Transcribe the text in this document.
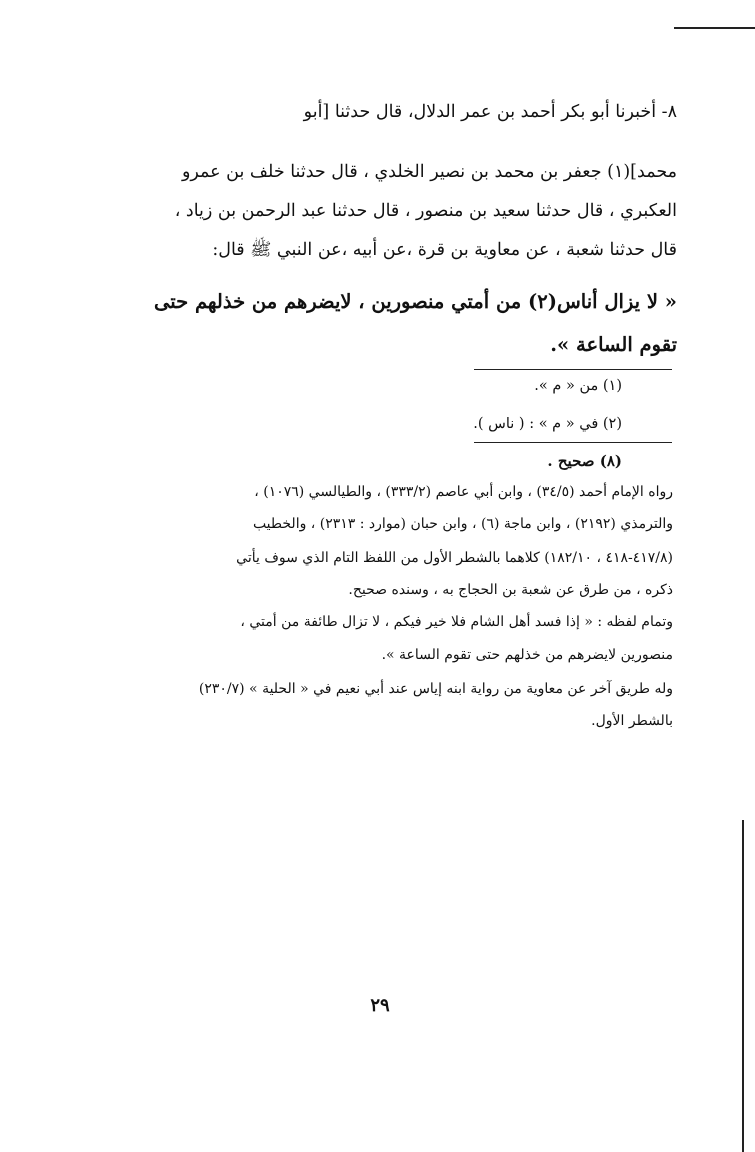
٨- أخبرنا أبو بكر أحمد بن عمر الدلال، قال حدثنا [أبو
محمد](١) جعفر بن محمد بن نصير الخلدي ، قال حدثنا خلف بن عمرو
العكبري ، قال حدثنا سعيد بن منصور ، قال حدثنا عبد الرحمن بن زياد ،
قال حدثنا شعبة ، عن معاوية بن قرة ،عن أبيه ،عن النبي ﷺ قال:
« لا يزال أناس(٢) من أمتي منصورين ، لايضرهم من خذلهم حتى
تقوم الساعة ».
(١) من « م ».
(٢) في « م » : ( ناس ).
(٨) صحيح .
رواه الإمام أحمد (٣٤/٥) ، وابن أبي عاصم (٣٣٣/٢) ، والطيالسي (١٠٧٦) ،
والترمذي (٢١٩٢) ، وابن ماجة (٦) ، وابن حبان (موارد : ٢٣١٣) ، والخطيب
(٤١٧/٨-٤١٨ ، ١٨٢/١٠) كلاهما بالشطر الأول من اللفظ التام الذي سوف يأتي
ذكره ، من طرق عن شعبة بن الحجاج به ، وسنده صحيح.
وتمام لفظه : « إذا فسد أهل الشام فلا خير فيكم ، لا تزال طائفة من أمتي ،
منصورين لايضرهم من خذلهم حتى تقوم الساعة ».
وله طريق آخر عن معاوية من رواية ابنه إياس عند أبي نعيم في « الحلية » (٢٣٠/٧)
بالشطر الأول.
٢٩
